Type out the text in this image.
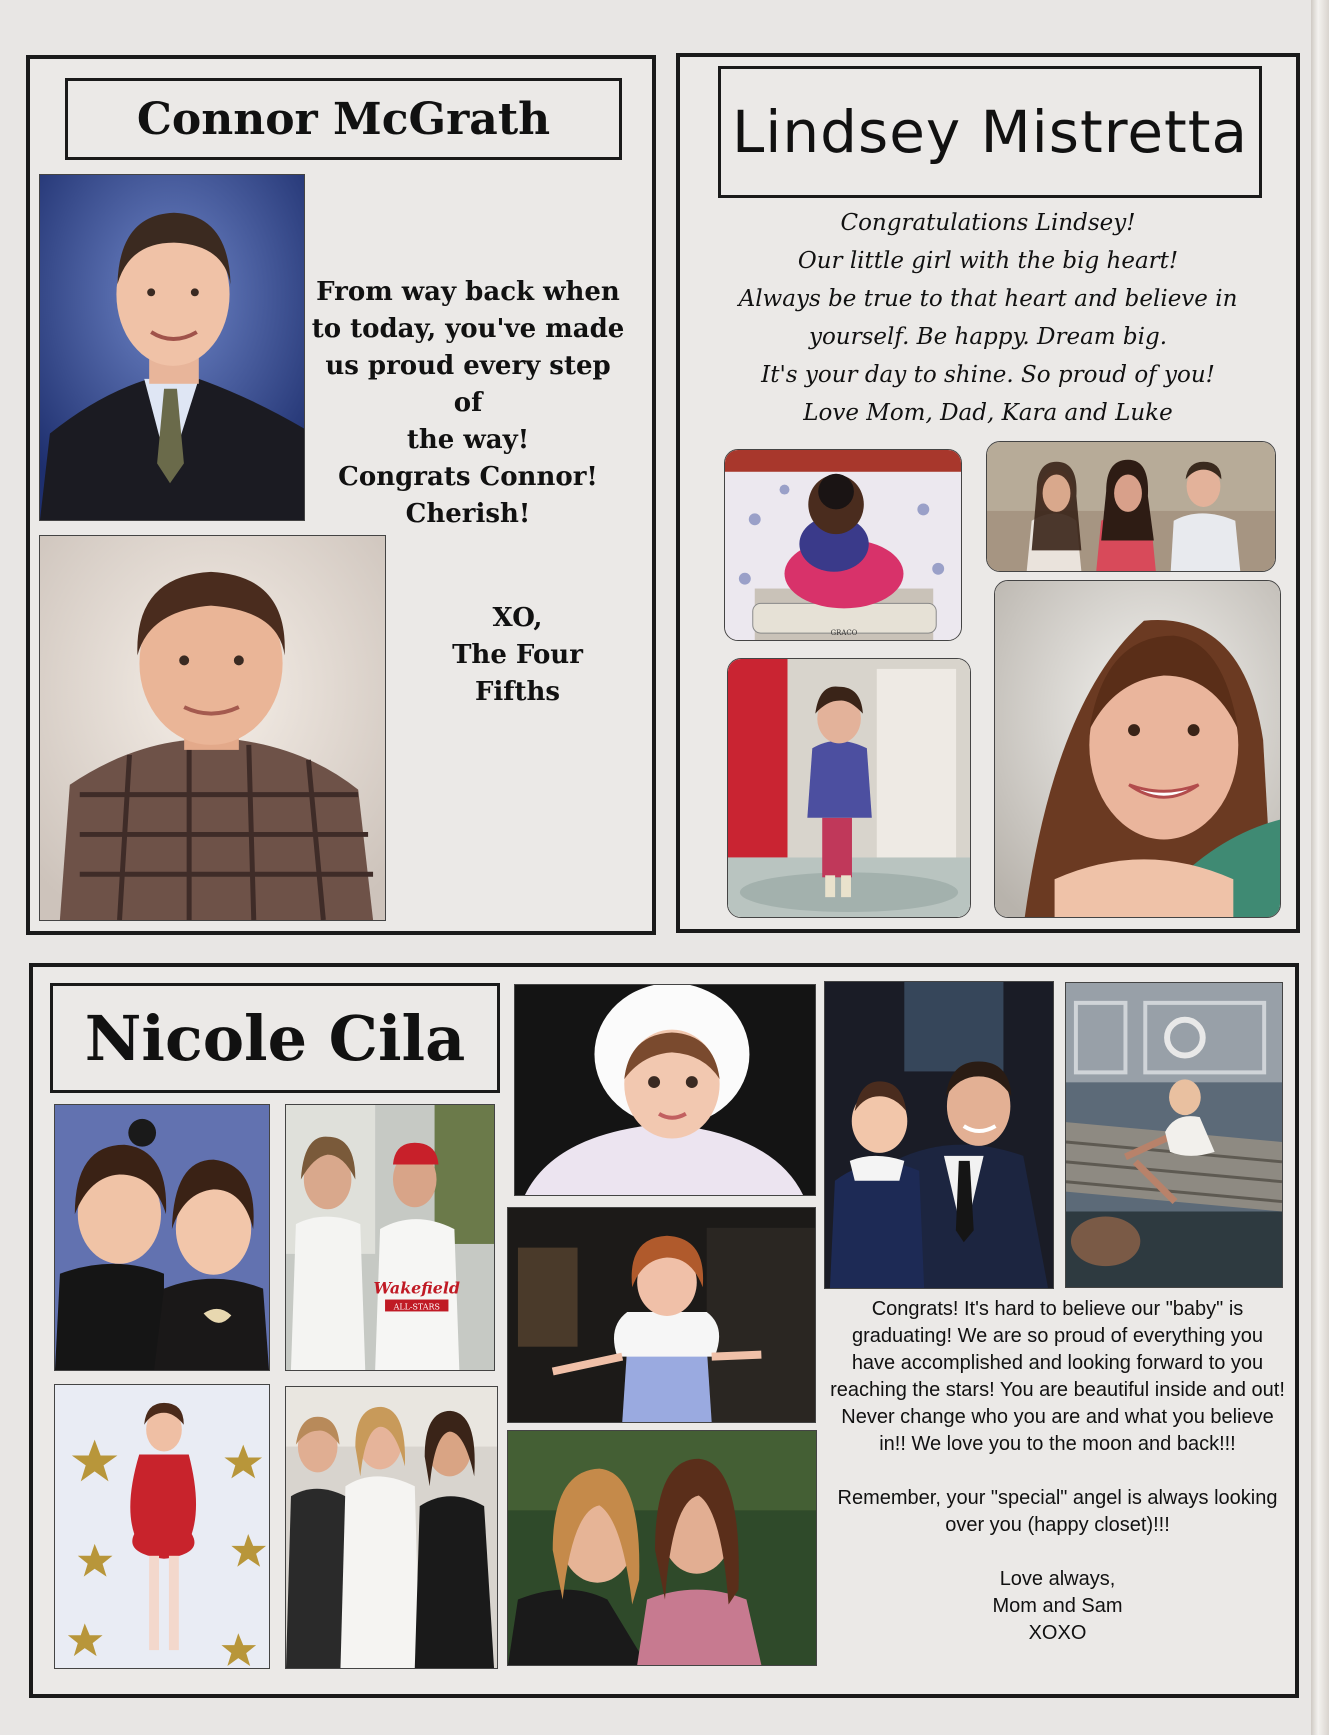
Connor McGrath
From way back when
to today, you've made
us proud every step of
the way!
Congrats Connor!
Cherish!
XO,
The Four
Fifths
Lindsey Mistretta
Congratulations Lindsey!
Our little girl with the big heart!
Always be true to that heart and believe in
yourself. Be happy. Dream big.
It's your day to shine. So proud of you!
Love Mom, Dad, Kara and Luke
GRACO
Nicole Cila
Wakefield
ALL-STARS	Congrats! It's hard to believe our "baby" is graduating! We are so proud of everything you have accomplished and looking forward to you reaching the stars! You are beautiful inside and out! Never change who you are and what you believe in!! We love you to the moon and back!!!
Remember, your "special" angel is always looking over you (happy closet)!!!
Love always,
Mom and Sam
XOXO
